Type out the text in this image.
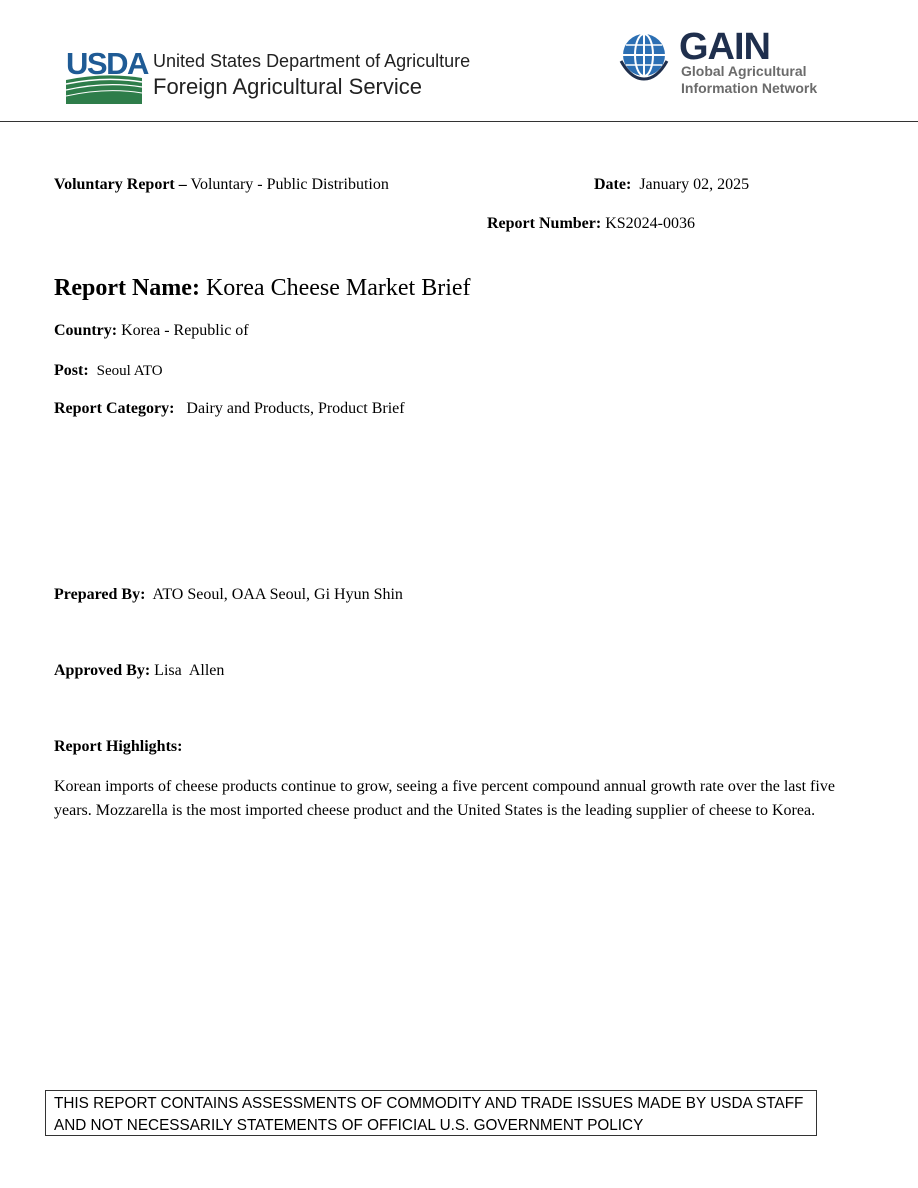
USDA United States Department of Agriculture
Foreign Agricultural Service
GAIN
Global Agricultural
Information Network
Voluntary Report – Voluntary - Public Distribution	Date: January 02, 2025
Report Number: KS2024-0036
Report Name: Korea Cheese Market Brief
Country: Korea - Republic of
Post: Seoul ATO
Report Category: Dairy and Products, Product Brief
Prepared By: ATO Seoul, OAA Seoul, Gi Hyun Shin
Approved By: Lisa  Allen
Report Highlights:
Korean imports of cheese products continue to grow, seeing a five percent compound annual growth rate over the last five years. Mozzarella is the most imported cheese product and the United States is the leading supplier of cheese to Korea.
THIS REPORT CONTAINS ASSESSMENTS OF COMMODITY AND TRADE ISSUES MADE BY USDA STAFF
AND NOT NECESSARILY STATEMENTS OF OFFICIAL U.S. GOVERNMENT POLICY
